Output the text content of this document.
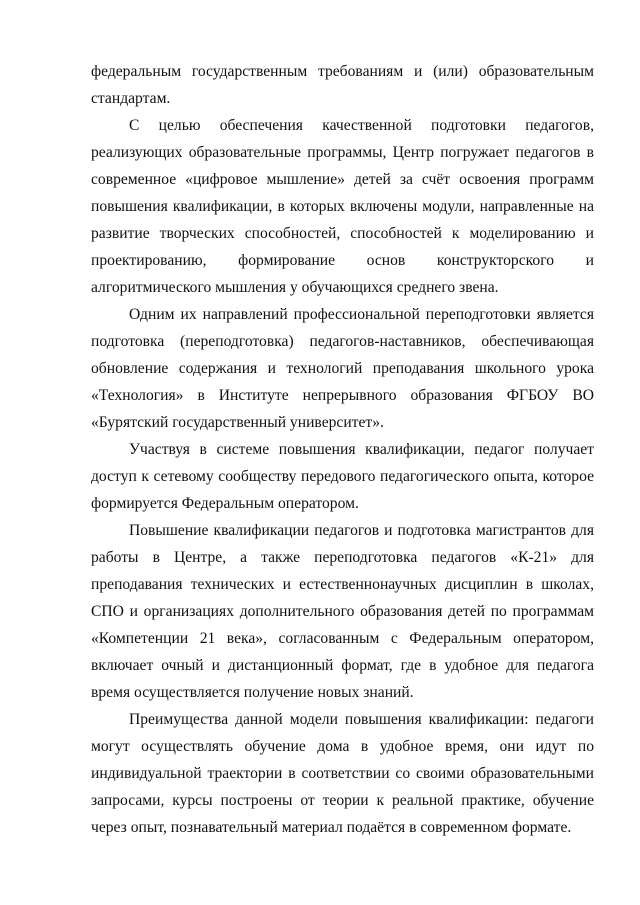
федеральным государственным требованиям и (или) образовательным стандартам.

С целью обеспечения качественной подготовки педагогов, реализующих образовательные программы, Центр погружает педагогов в современное «цифровое мышление» детей за счёт освоения программ повышения квалификации, в которых включены модули, направленные на развитие творческих способностей, способностей к моделированию и проектированию, формирование основ конструкторского и алгоритмического мышления у обучающихся среднего звена.

Одним их направлений профессиональной переподготовки является подготовка (переподготовка) педагогов-наставников, обеспечивающая обновление содержания и технологий преподавания школьного урока «Технология» в Институте непрерывного образования ФГБОУ ВО «Бурятский государственный университет».

Участвуя в системе повышения квалификации, педагог получает доступ к сетевому сообществу передового педагогического опыта, которое формируется Федеральным оператором.

Повышение квалификации педагогов и подготовка магистрантов для работы в Центре, а также переподготовка педагогов «К-21» для преподавания технических и естественнонаучных дисциплин в школах, СПО и организациях дополнительного образования детей по программам «Компетенции 21 века», согласованным с Федеральным оператором, включает очный и дистанционный формат, где в удобное для педагога время осуществляется получение новых знаний.

Преимущества данной модели повышения квалификации: педагоги могут осуществлять обучение дома в удобное время, они идут по индивидуальной траектории в соответствии со своими образовательными запросами, курсы построены от теории к реальной практике, обучение через опыт, познавательный материал подаётся в современном формате.
